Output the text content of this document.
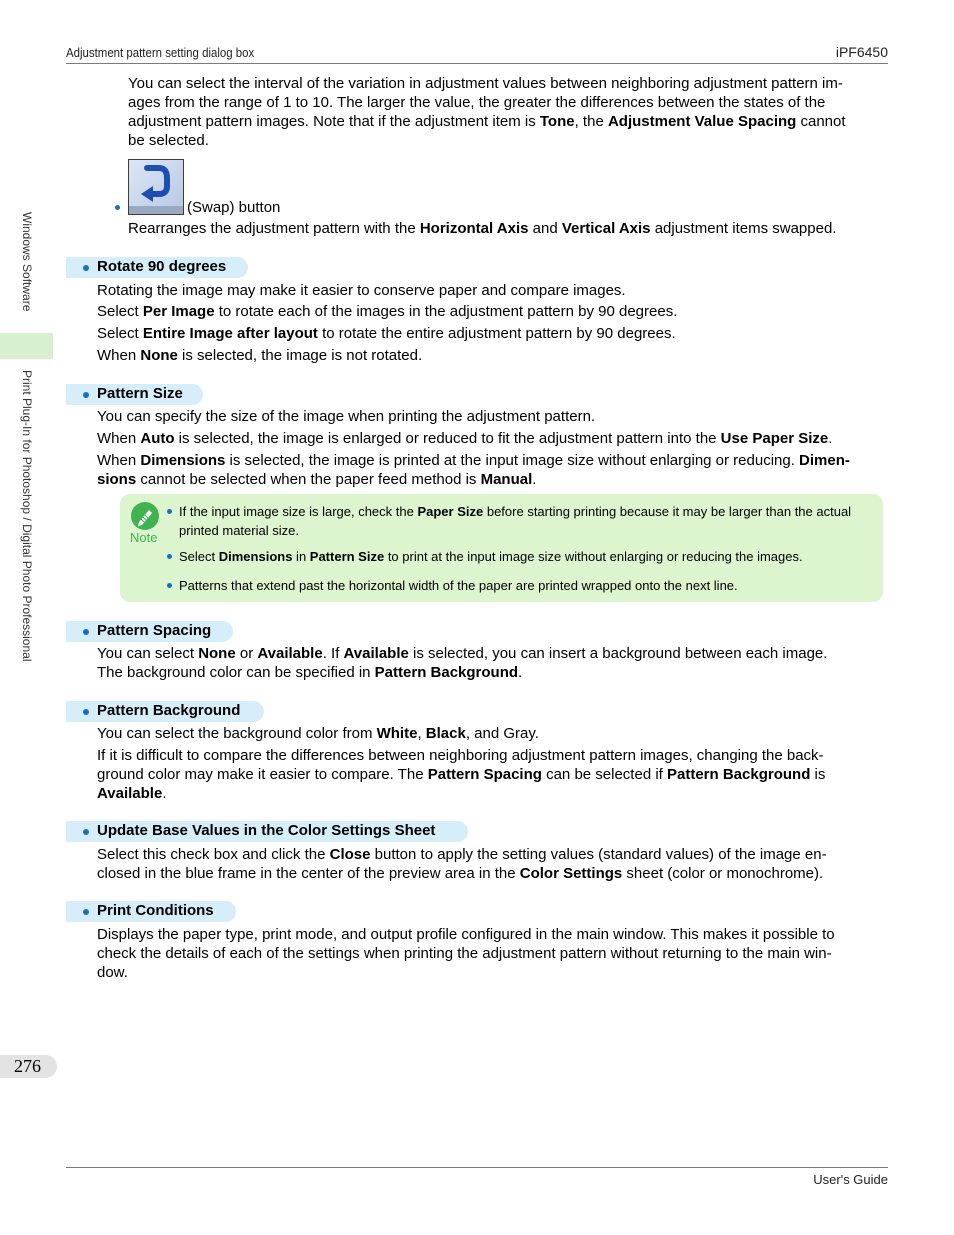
Adjustment pattern setting dialog box	iPF6450
Windows Software
Print Plug-In for Photoshop / Digital Photo Professional
You can select the interval of the variation in adjustment values between neighboring adjustment pattern im-
ages from the range of 1 to 10. The larger the value, the greater the differences between the states of the
adjustment pattern images. Note that if the adjustment item is Tone, the Adjustment Value Spacing cannot
be selected.
(Swap) button
Rearranges the adjustment pattern with the Horizontal Axis and Vertical Axis adjustment items swapped.
Rotate 90 degrees
Rotating the image may make it easier to conserve paper and compare images.
Select Per Image to rotate each of the images in the adjustment pattern by 90 degrees.
Select Entire Image after layout to rotate the entire adjustment pattern by 90 degrees.
When None is selected, the image is not rotated.
Pattern Size
You can specify the size of the image when printing the adjustment pattern.
When Auto is selected, the image is enlarged or reduced to fit the adjustment pattern into the Use Paper Size.
When Dimensions is selected, the image is printed at the input image size without enlarging or reducing. Dimen-
sions cannot be selected when the paper feed method is Manual.
Note
If the input image size is large, check the Paper Size before starting printing because it may be larger than the actual
printed material size.
Select Dimensions in Pattern Size to print at the input image size without enlarging or reducing the images.
Patterns that extend past the horizontal width of the paper are printed wrapped onto the next line.
Pattern Spacing
You can select None or Available. If Available is selected, you can insert a background between each image.
The background color can be specified in Pattern Background.
Pattern Background
You can select the background color from White, Black, and Gray.
If it is difficult to compare the differences between neighboring adjustment pattern images, changing the back-
ground color may make it easier to compare. The Pattern Spacing can be selected if Pattern Background is
Available.
Update Base Values in the Color Settings Sheet
Select this check box and click the Close button to apply the setting values (standard values) of the image en-
closed in the blue frame in the center of the preview area in the Color Settings sheet (color or monochrome).
Print Conditions
Displays the paper type, print mode, and output profile configured in the main window. This makes it possible to
check the details of each of the settings when printing the adjustment pattern without returning to the main win-
dow.
276
User's Guide
